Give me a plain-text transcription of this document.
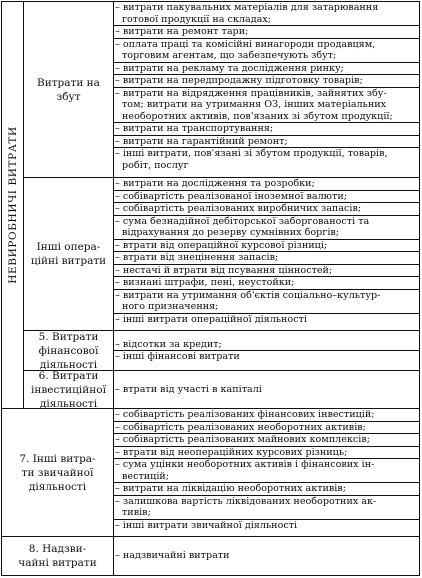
НЕВИРОБНИЧІ ВИТРАТИ
Витрати на
збут
– витрати пакувальних матеріалів для затарювання
готової продукції на складах;
– витрати на ремонт тари;
– оплата праці та комісійні винагороди продавцям,
торговим агентам, що забезпечують збут;
– витрати на рекламу та дослідження ринку;
– витрати на передпродажну підготовку товарів;
– витрати на відрядження працівників, зайнятих збу-
том; витрати на утримання ОЗ, інших матеріальних
необоротних активів, пов'язаних зі збутом продукції;
– витрати на транспортування;
– витрати на гарантійний ремонт;
– інші витрати, пов'язані зі збутом продукції, товарів,
робіт, послуг
Інші опера-
ційні витрати
– витрати на дослідження та розробки;
– собівартість реалізованої іноземної валюти;
– собівартість реалізованих виробничих запасів;
– сума безнадійної дебіторської заборгованості та
відрахування до резерву сумнівних боргів;
– втрати від операційної курсової різниці;
– втрати від знецінення запасів;
– нестачі й втрати від псування цінностей;
– визнані штрафи, пені, неустойки;
– витрати на утримання об'єктів соціально–культур-
ного призначення;
– інші витрати операційної діяльності
5. Витрати
фінансової
діяльності
– відсотки за кредит;
– інші фінансові витрати
6. Витрати
інвестиційної
діяльності
– втрати від участі в капіталі
7. Інші витра-
ти звичайної
діяльності
– собівартість реалізованих фінансових інвестицій;
– собівартість реалізованих необоротних активів;
– собівартість реалізованих майнових комплексів;
– втрати від неопераційних курсових різниць;
– сума уцінки необоротних активів і фінансових ін-
вестицій;
– витрати на ліквідацію необоротних активів;
– залишкова вартість ліквідованих необоротних ак-
тивів;
– інші витрати звичайної діяльності
8. Надзви-
чайні витрати
– надзвичайні витрати
